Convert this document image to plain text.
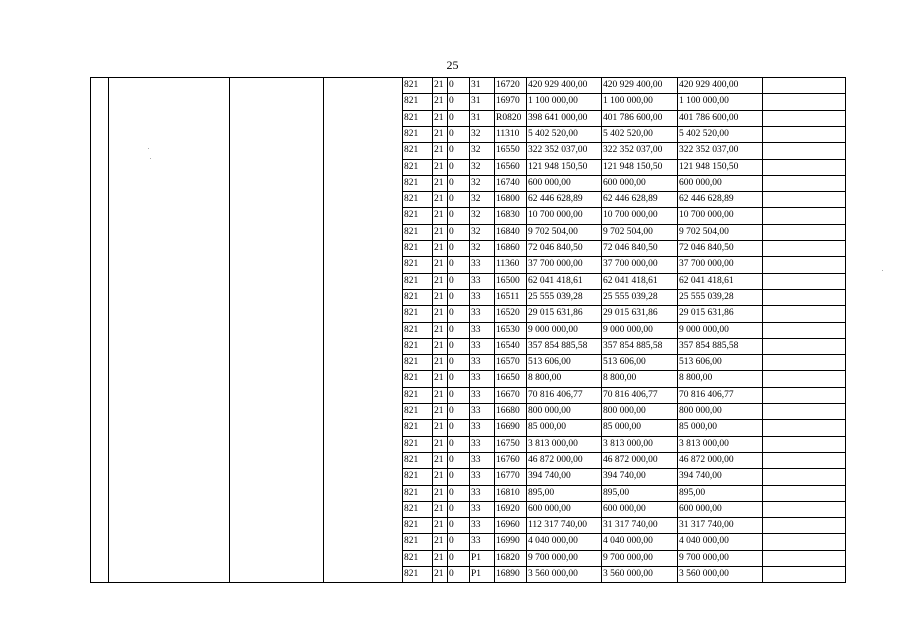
25
821	21 0	31	16720 420 929 400,00	420 929 400,00	420 929 400,00
821	21 0	31	16970 1 100 000,00	1 100 000,00	1 100 000,00
821	21 0	31	R0820 398 641 000,00	401 786 600,00	401 786 600,00
821	21 0	32	11310 5 402 520,00	5 402 520,00	5 402 520,00
821	21 0	32	16550 322 352 037,00	322 352 037,00	322 352 037,00
821	21 0	32	16560 121 948 150,50	121 948 150,50	121 948 150,50
821	21 0	32	16740 600 000,00	600 000,00	600 000,00
821	21 0	32	16800 62 446 628,89	62 446 628,89	62 446 628,89
821	21 0	32	16830 10 700 000,00	10 700 000,00	10 700 000,00
821	21 0	32	16840 9 702 504,00	9 702 504,00	9 702 504,00
821	21 0	32	16860 72 046 840,50	72 046 840,50	72 046 840,50
821	21 0	33	11360 37 700 000,00	37 700 000,00	37 700 000,00
821	21 0	33	16500 62 041 418,61	62 041 418,61	62 041 418,61
821	21 0	33	16511 25 555 039,28	25 555 039,28	25 555 039,28
821	21 0	33	16520 29 015 631,86	29 015 631,86	29 015 631,86
821	21 0	33	16530 9 000 000,00	9 000 000,00	9 000 000,00
821	21 0	33	16540 357 854 885,58	357 854 885,58	357 854 885,58
821	21 0	33	16570 513 606,00	513 606,00	513 606,00
821	21 0	33	16650 8 800,00	8 800,00	8 800,00
821	21 0	33	16670 70 816 406,77	70 816 406,77	70 816 406,77
821	21 0	33	16680 800 000,00	800 000,00	800 000,00
821	21 0	33	16690 85 000,00	85 000,00	85 000,00
821	21 0	33	16750 3 813 000,00	3 813 000,00	3 813 000,00
821	21 0	33	16760 46 872 000,00	46 872 000,00	46 872 000,00
821	21 0	33	16770 394 740,00	394 740,00	394 740,00
821	21 0	33	16810 895,00	895,00	895,00
821	21 0	33	16920 600 000,00	600 000,00	600 000,00
821	21 0	33	16960 112 317 740,00	31 317 740,00	31 317 740,00
821	21 0	33	16990 4 040 000,00	4 040 000,00	4 040 000,00
821	21 0	P1	16820 9 700 000,00	9 700 000,00	9 700 000,00
821	21 0	P1	16890 3 560 000,00	3 560 000,00	3 560 000,00
